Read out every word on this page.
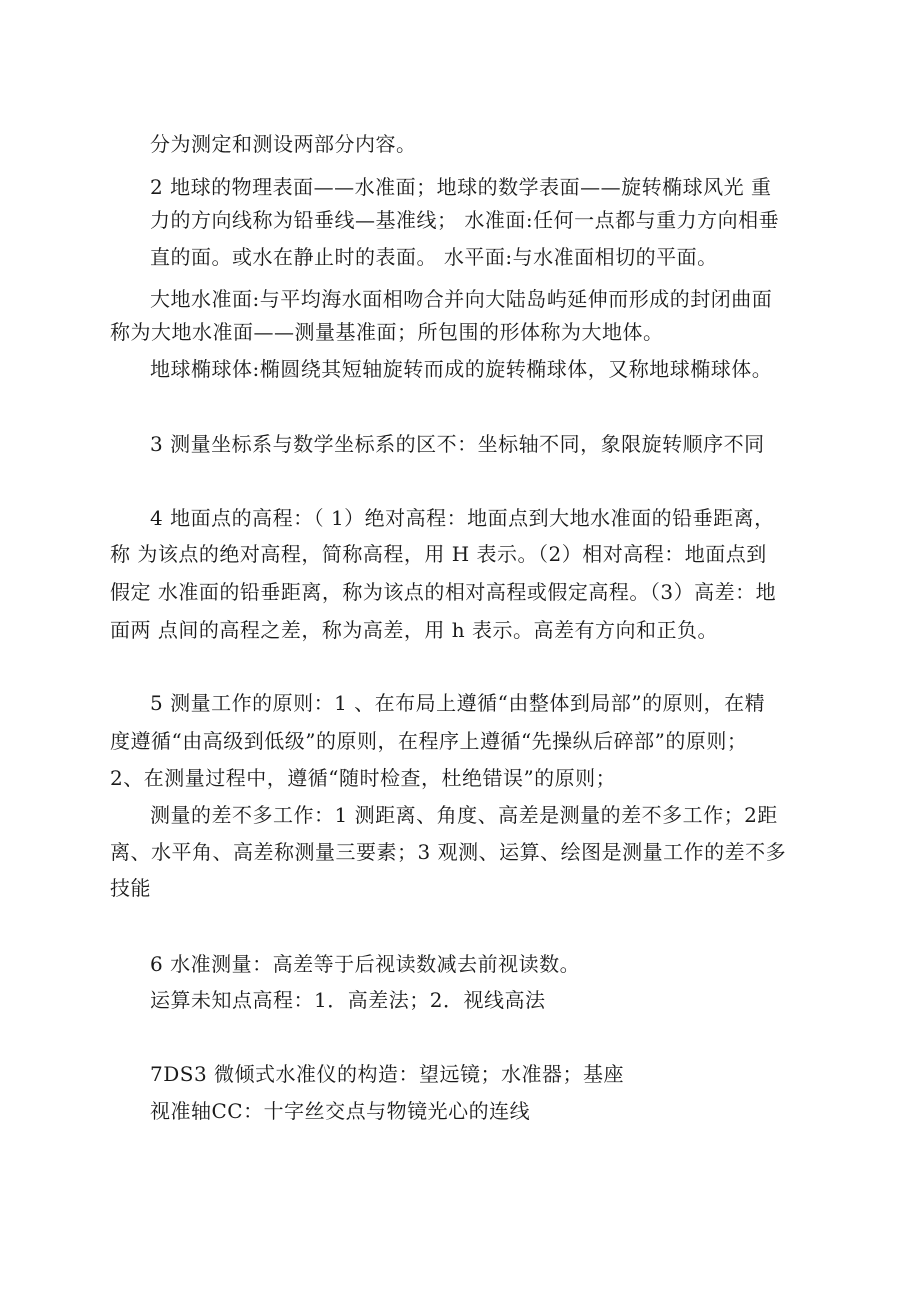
分为测定和测设两部分内容。

2 地球的物理表面——水准面；地球的数学表面——旋转椭球风光 重

力的方向线称为铅垂线—基准线； 水准面:任何一点都与重力方向相垂

直的面。或水在静止时的表面。 水平面:与水准面相切的平面。

大地水准面:与平均海水面相吻合并向大陆岛屿延伸而形成的封闭曲面

称为大地水准面——测量基准面；所包围的形体称为大地体。

地球椭球体:椭圆绕其短轴旋转而成的旋转椭球体，又称地球椭球体。

3 测量坐标系与数学坐标系的区不：坐标轴不同，象限旋转顺序不同

4 地面点的高程：（ 1）绝对高程：地面点到大地水准面的铅垂距离，

称 为该点的绝对高程，简称高程，用 H 表示。（2）相对高程：地面点到

假定 水准面的铅垂距离，称为该点的相对高程或假定高程。（3）高差：地

面两 点间的高程之差，称为高差，用 h 表示。高差有方向和正负。

5 测量工作的原则：1 、在布局上遵循“由整体到局部”的原则，在精

度遵循“由高级到低级”的原则，在程序上遵循“先操纵后碎部”的原则；

2、在测量过程中，遵循“随时检查，杜绝错误”的原则；

测量的差不多工作：1 测距离、角度、高差是测量的差不多工作；2距

离、水平角、高差称测量三要素；3 观测、运算、绘图是测量工作的差不多

技能

6 水准测量：高差等于后视读数减去前视读数。

运算未知点高程：1．高差法；2．视线高法

7DS3 微倾式水准仪的构造：望远镜；水准器；基座

视准轴CC：十字丝交点与物镜光心的连线
